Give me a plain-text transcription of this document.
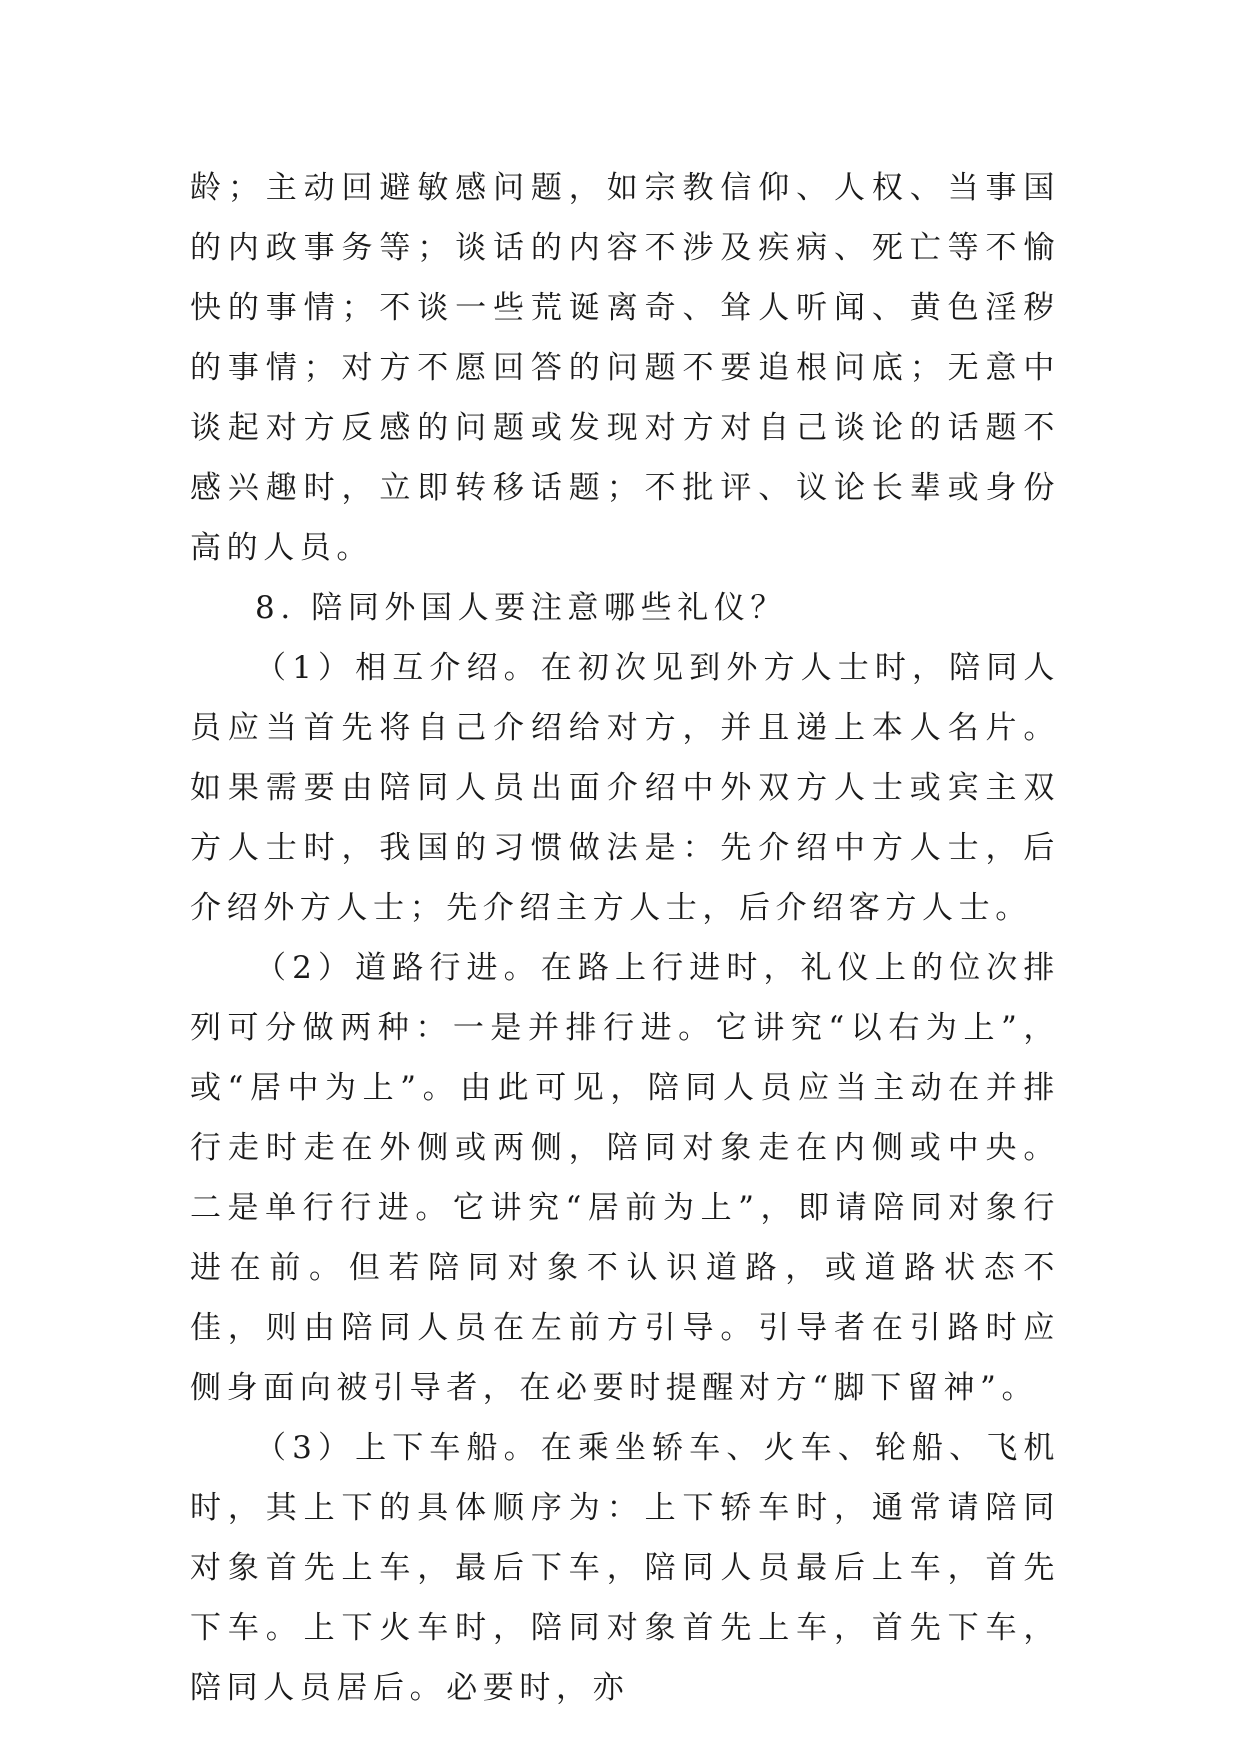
龄；主动回避敏感问题，如宗教信仰、人权、当事国的内政事务等；谈话的内容不涉及疾病、死亡等不愉快的事情；不谈一些荒诞离奇、耸人听闻、黄色淫秽的事情；对方不愿回答的问题不要追根问底；无意中谈起对方反感的问题或发现对方对自己谈论的话题不感兴趣时，立即转移话题；不批评、议论长辈或身份高的人员。

8. 陪同外国人要注意哪些礼仪？

（1）相互介绍。在初次见到外方人士时，陪同人员应当首先将自己介绍给对方，并且递上本人名片。如果需要由陪同人员出面介绍中外双方人士或宾主双方人士时，我国的习惯做法是：先介绍中方人士，后介绍外方人士；先介绍主方人士，后介绍客方人士。

（2）道路行进。在路上行进时，礼仪上的位次排列可分做两种：一是并排行进。它讲究“以右为上”，或“居中为上”。由此可见，陪同人员应当主动在并排行走时走在外侧或两侧，陪同对象走在内侧或中央。二是单行行进。它讲究“居前为上”，即请陪同对象行进在前。但若陪同对象不认识道路，或道路状态不佳，则由陪同人员在左前方引导。引导者在引路时应侧身面向被引导者，在必要时提醒对方“脚下留神”。

（3）上下车船。在乘坐轿车、火车、轮船、飞机时，其上下的具体顺序为：上下轿车时，通常请陪同对象首先上车，最后下车，陪同人员最后上车，首先下车。上下火车时，陪同对象首先上车，首先下车，陪同人员居后。必要时，亦
